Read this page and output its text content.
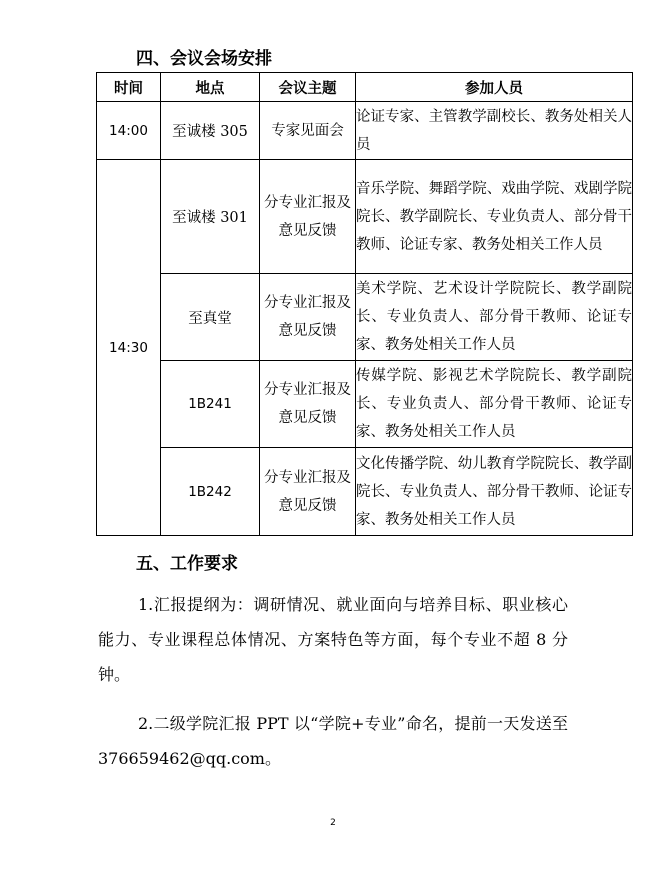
四、会议会场安排
时间	地点	会议主题	参加人员
14:00	至诚楼 305	专家见面会	论证专家、主管教学副校长、教务处相关人员
14:30	至诚楼 301	分专业汇报及意见反馈	音乐学院、舞蹈学院、戏曲学院、戏剧学院院长、教学副院长、专业负责人、部分骨干教师、论证专家、教务处相关工作人员
	至真堂	分专业汇报及意见反馈	美术学院、艺术设计学院院长、教学副院长、专业负责人、部分骨干教师、论证专家、教务处相关工作人员
	1B241	分专业汇报及意见反馈	传媒学院、影视艺术学院院长、教学副院长、专业负责人、部分骨干教师、论证专家、教务处相关工作人员
	1B242	分专业汇报及意见反馈	文化传播学院、幼儿教育学院院长、教学副院长、专业负责人、部分骨干教师、论证专家、教务处相关工作人员
五、工作要求

1.汇报提纲为：调研情况、就业面向与培养目标、职业核心能力、专业课程总体情况、方案特色等方面，每个专业不超 8 分钟。

2.二级学院汇报 PPT 以“学院+专业”命名，提前一天发送至 376659462@qq.com。

2
